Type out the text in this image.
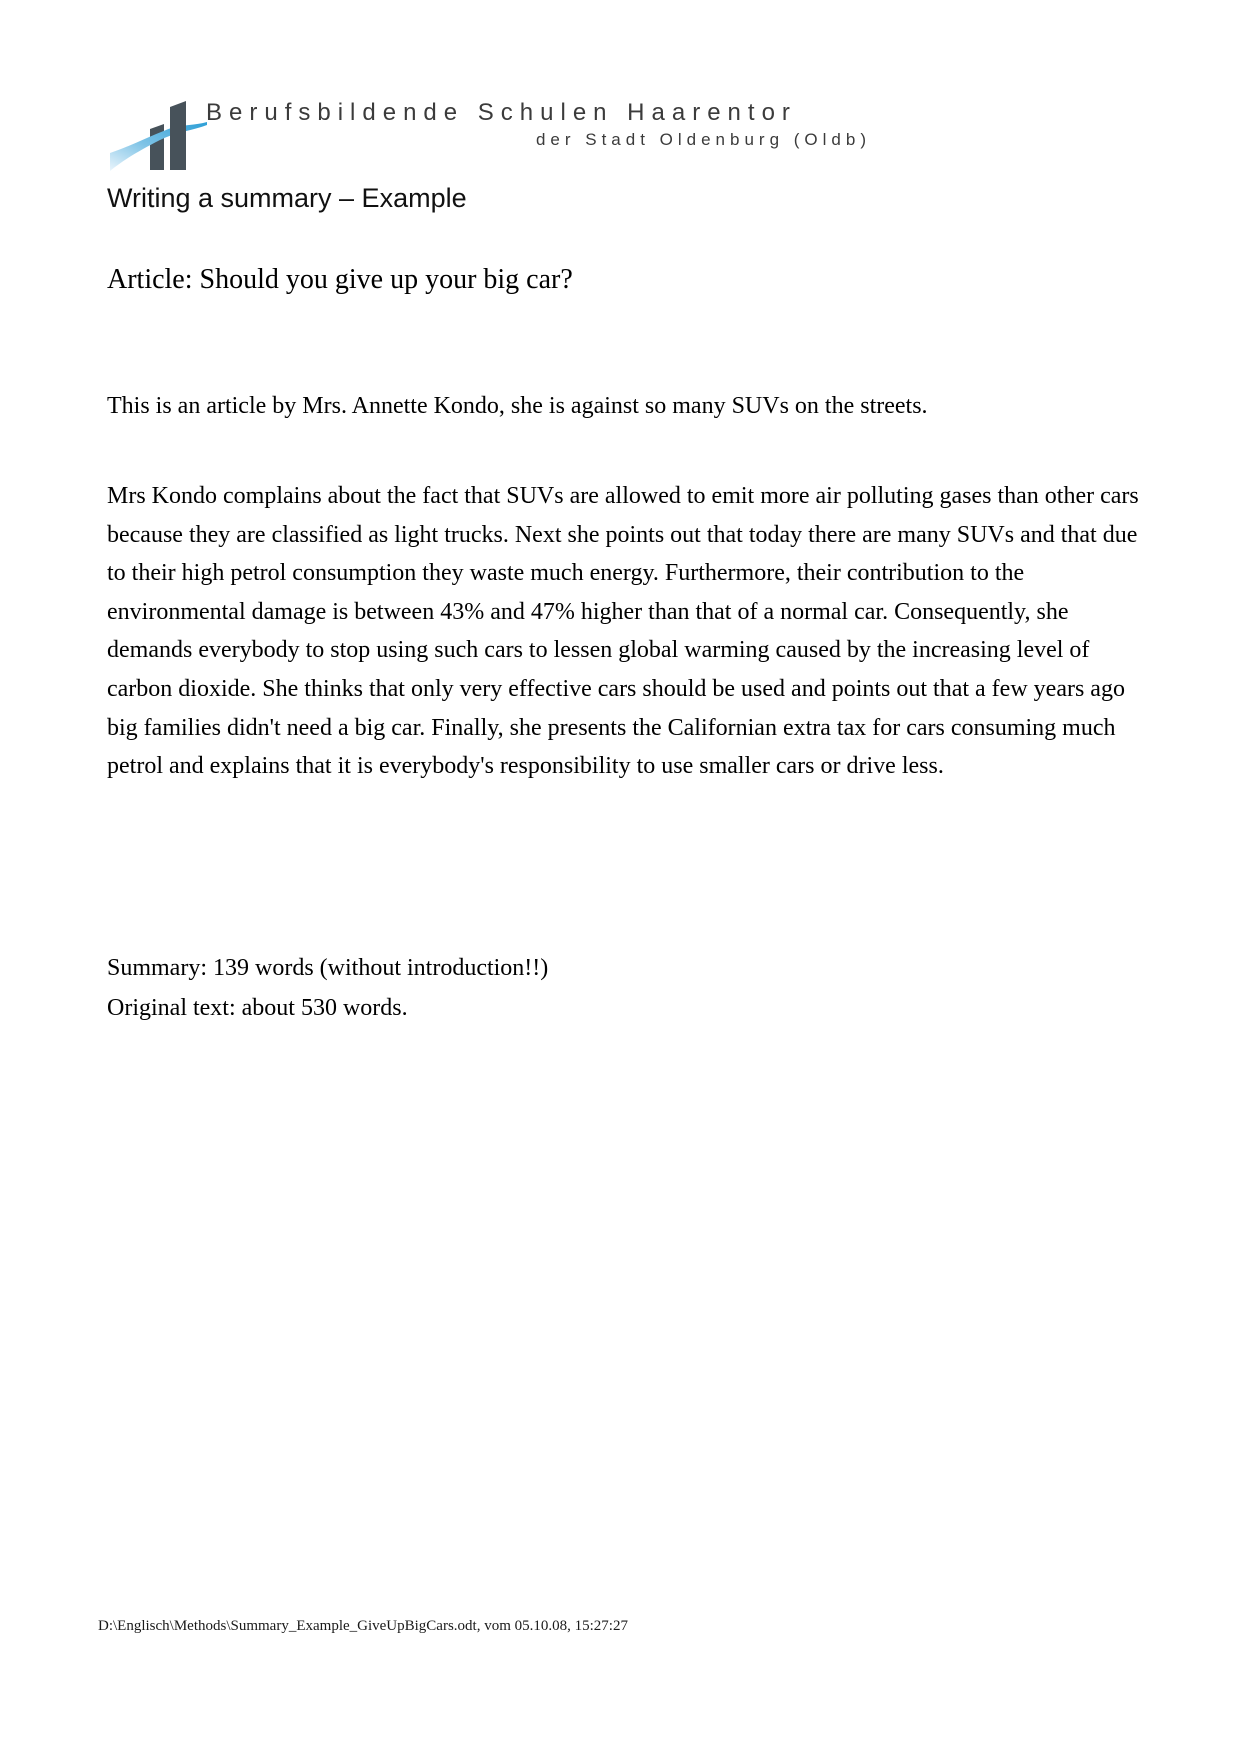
Berufsbildende Schulen Haarentor
der Stadt Oldenburg (Oldb)
Writing a summary – Example
Article: Should you give up your big car?

This is an article by Mrs. Annette Kondo, she is against so many SUVs on the streets.

Mrs Kondo complains about the fact that SUVs are allowed to emit more air polluting gases than other cars because they are classified as light trucks. Next she points out that today there are many SUVs and that due to their high petrol consumption they waste much energy. Furthermore, their contribution to the environmental damage is between 43% and 47% higher than that of a normal car. Consequently, she demands everybody to stop using such cars to lessen global warming caused by the increasing level of carbon dioxide. She thinks that only very effective cars should be used and points out that a few years ago big families didn't need a big car. Finally, she presents the Californian extra tax for cars consuming much petrol and explains that it is everybody's responsibility to use smaller cars or drive less.

Summary: 139 words (without introduction!!)

Original text: about 530 words.

D:\Englisch\Methods\Summary_Example_GiveUpBigCars.odt, vom 05.10.08, 15:27:27
